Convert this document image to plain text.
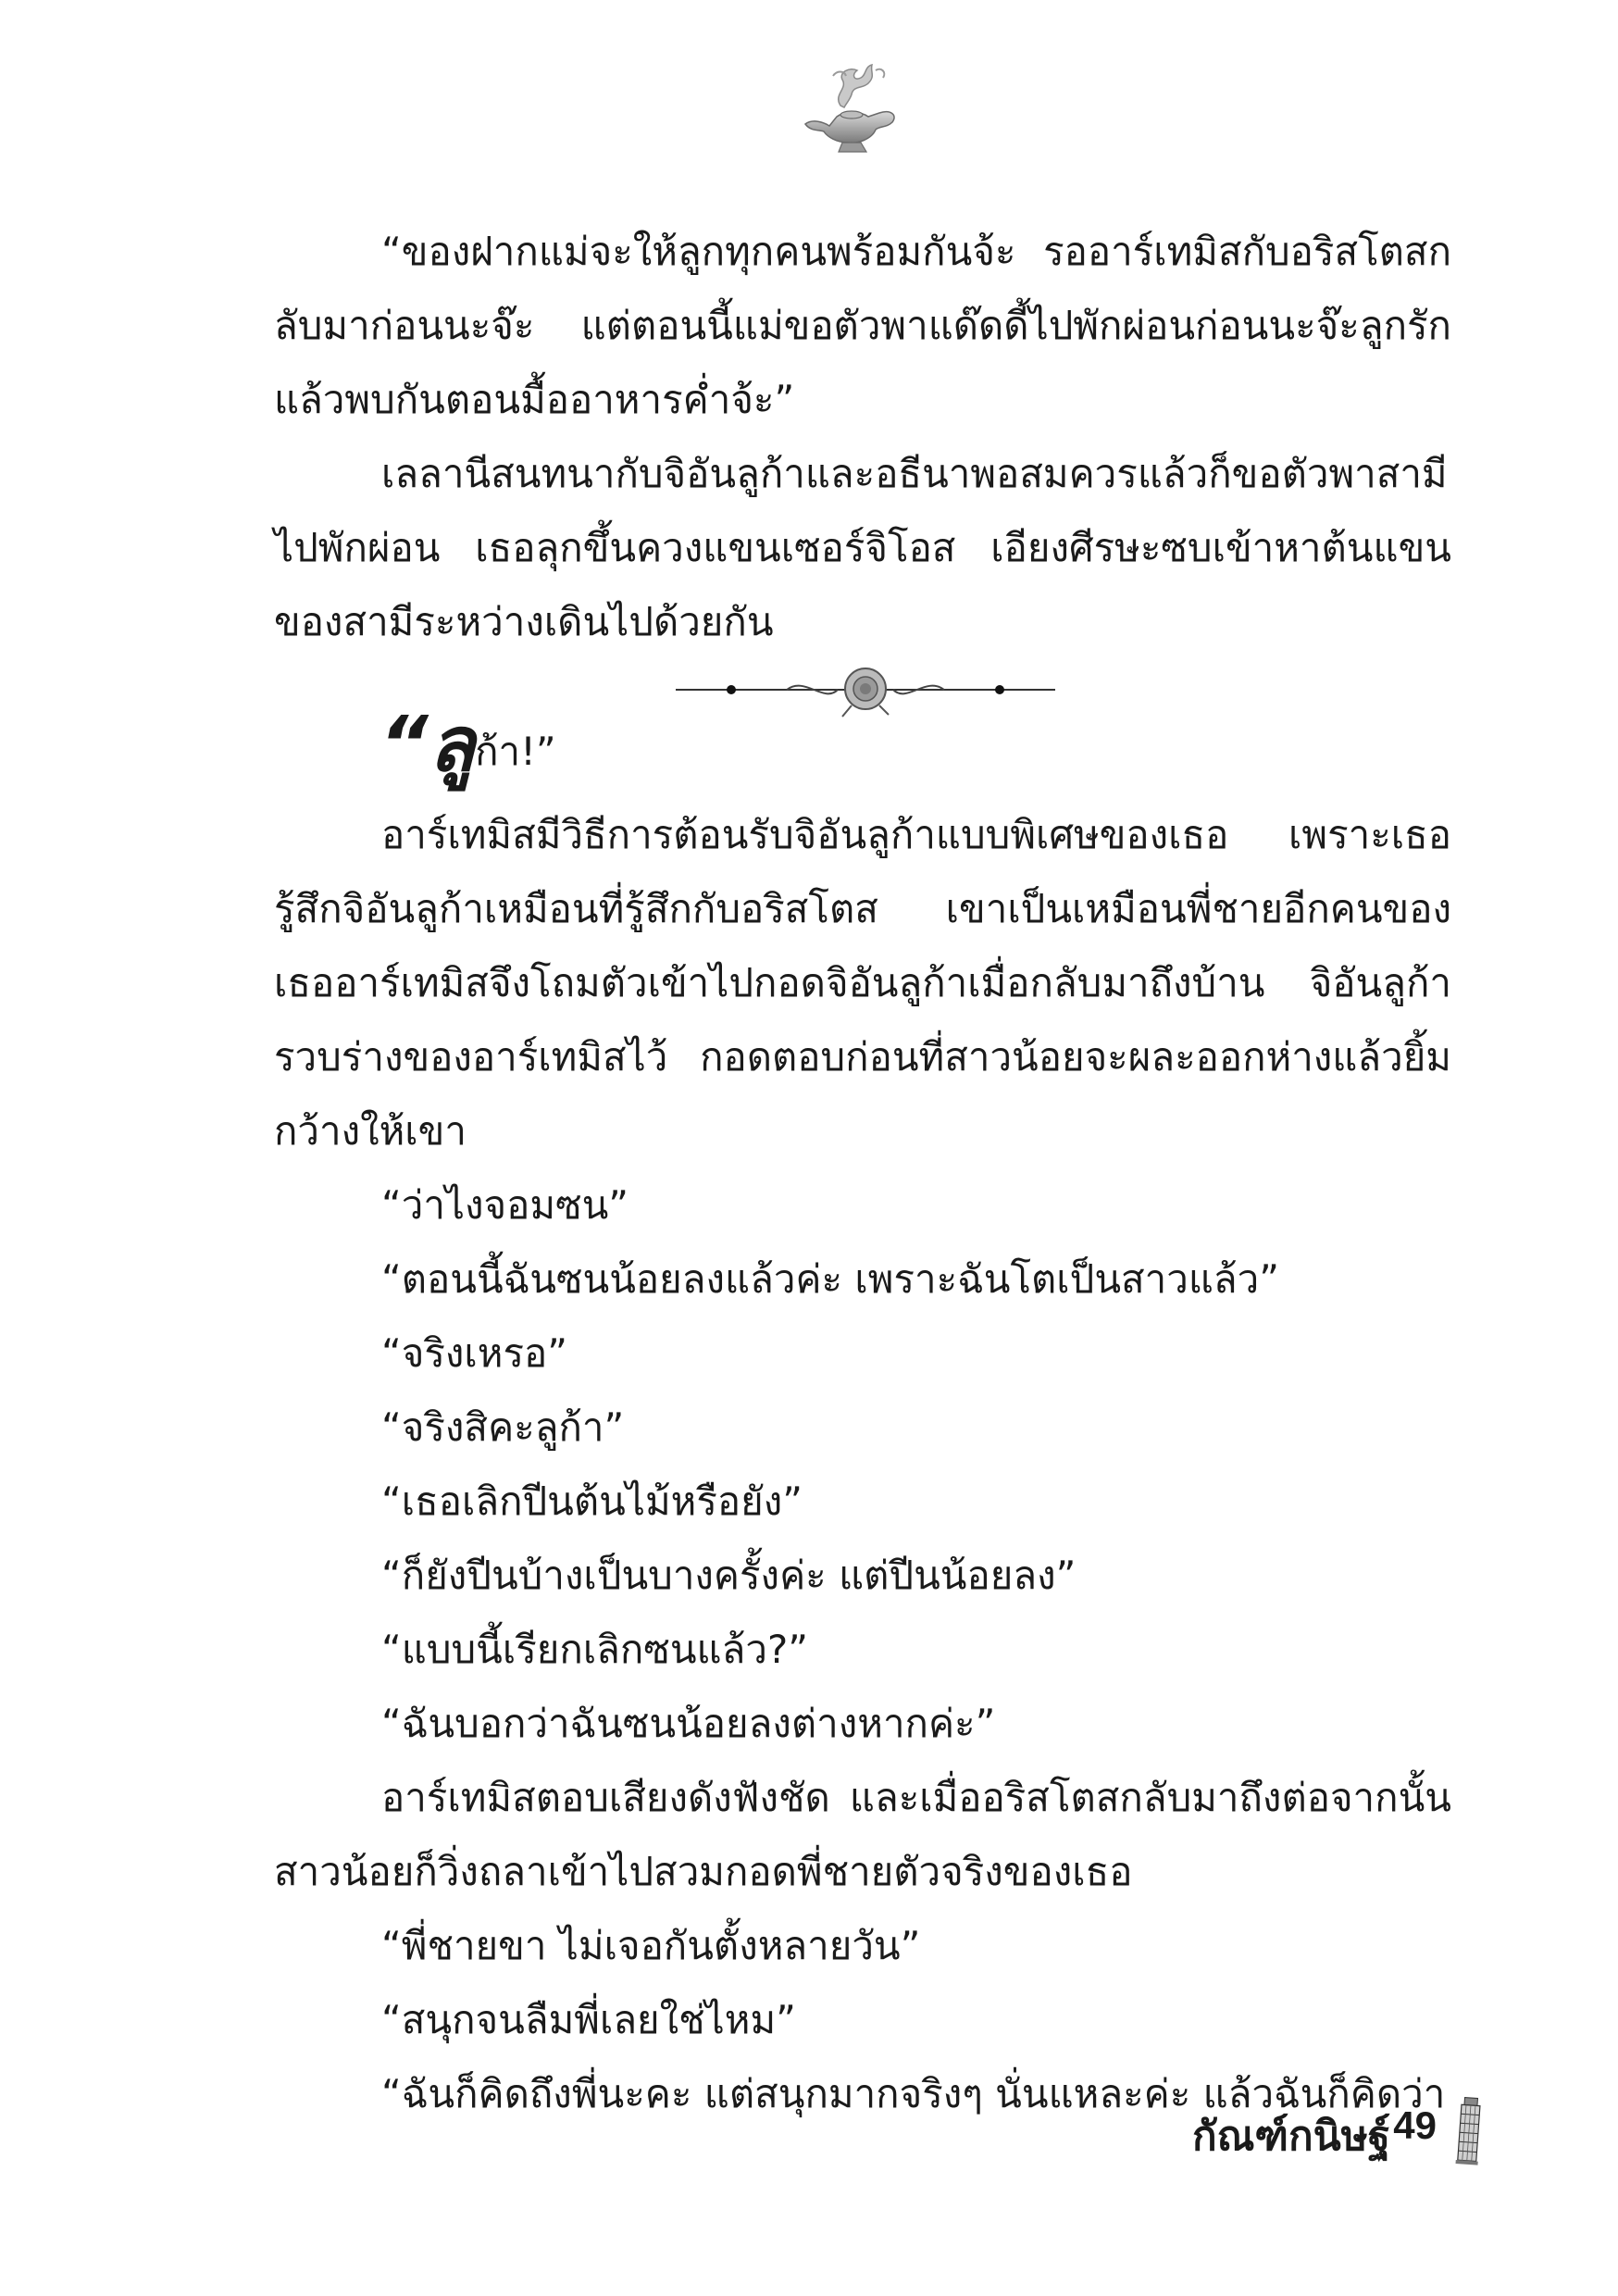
“ของฝากแม่จะให้ลูกทุกคนพร้อมกันจ้ะ รออาร์เทมิสกับอริสโตสกลับมาก่อนนะจ๊ะ แต่ตอนนี้แม่ขอตัวพาแด๊ดดี้ไปพักผ่อนก่อนนะจ๊ะลูกรักแล้วพบกันตอนมื้ออาหารค่ำจ้ะ”

เลลานีสนทนากับจิอันลูก้าและอธีนาพอสมควรแล้วก็ขอตัวพาสามีไปพักผ่อน เธอลุกขึ้นควงแขนเซอร์จิโอส เอียงศีรษะซบเข้าหาต้นแขนของสามีระหว่างเดินไปด้วยกัน

“ลูก้า!”

อาร์เทมิสมีวิธีการต้อนรับจิอันลูก้าแบบพิเศษของเธอ เพราะเธอรู้สึกจิอันลูก้าเหมือนที่รู้สึกกับอริสโตส เขาเป็นเหมือนพี่ชายอีกคนของเธออาร์เทมิสจึงโถมตัวเข้าไปกอดจิอันลูก้าเมื่อกลับมาถึงบ้าน จิอันลูก้ารวบร่างของอาร์เทมิสไว้ กอดตอบก่อนที่สาวน้อยจะผละออกห่างแล้วยิ้มกว้างให้เขา

“ว่าไงจอมซน”

“ตอนนี้ฉันซนน้อยลงแล้วค่ะ เพราะฉันโตเป็นสาวแล้ว”

“จริงเหรอ”

“จริงสิคะลูก้า”

“เธอเลิกปีนต้นไม้หรือยัง”

“ก็ยังปีนบ้างเป็นบางครั้งค่ะ แต่ปีนน้อยลง”

“แบบนี้เรียกเลิกซนแล้ว?”

“ฉันบอกว่าฉันซนน้อยลงต่างหากค่ะ”

อาร์เทมิสตอบเสียงดังฟังชัด และเมื่ออริสโตสกลับมาถึงต่อจากนั้นสาวน้อยก็วิ่งถลาเข้าไปสวมกอดพี่ชายตัวจริงของเธอ

“พี่ชายขา ไม่เจอกันตั้งหลายวัน”

“สนุกจนลืมพี่เลยใช่ไหม”

“ฉันก็คิดถึงพี่นะคะ แต่สนุกมากจริงๆ นั่นแหละค่ะ แล้วฉันก็คิดว่า

กัณฑ์กนิษฐ์ 49
